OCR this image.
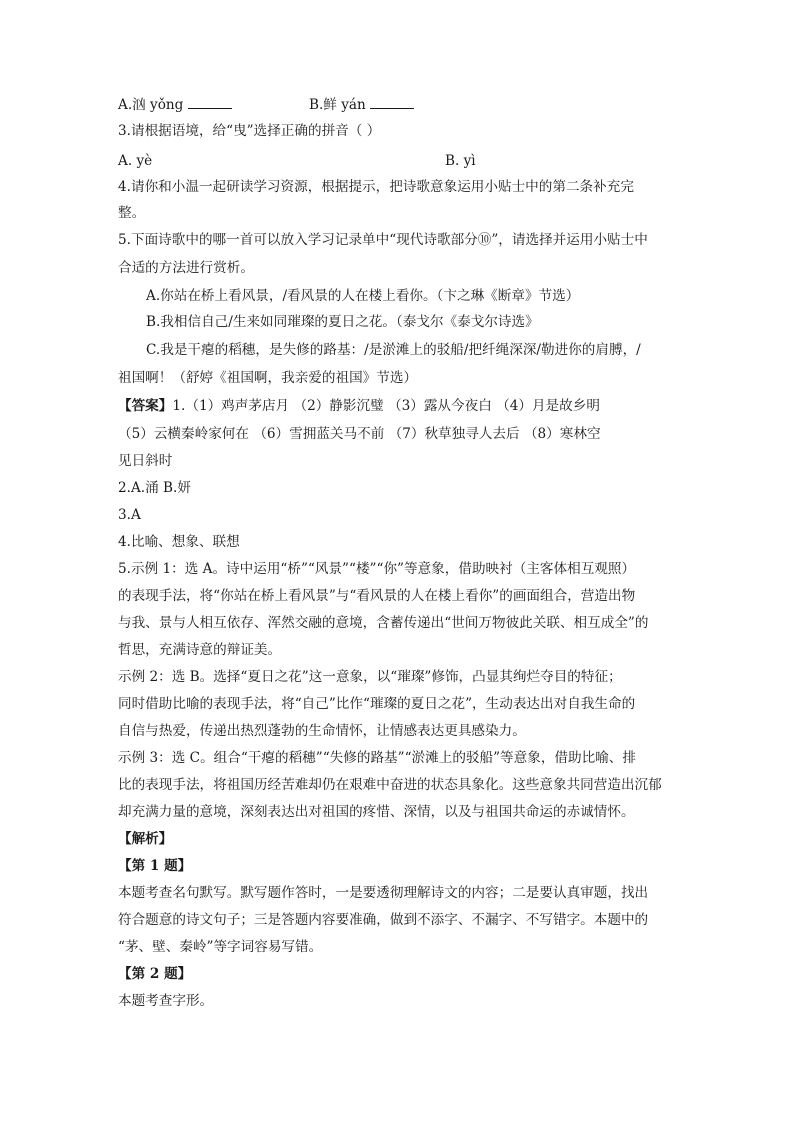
A.汹 yǒng	B.鲜 yán
3.请根据语境，给“曳”选择正确的拼音（ ）
A. yè	B. yì
4.请你和小温一起研读学习资源，根据提示，把诗歌意象运用小贴士中的第二条补充完
整。
5.下面诗歌中的哪一首可以放入学习记录单中“现代诗歌部分⑩”，请选择并运用小贴士中
合适的方法进行赏析。
A.你站在桥上看风景，/看风景的人在楼上看你。（卞之琳《断章》节选）
B.我相信自己/生来如同璀璨的夏日之花。（泰戈尔《泰戈尔诗选》
C.我是干瘪的稻穗，是失修的路基：/是淤滩上的驳船/把纤绳深深/勒进你的肩膊，/
祖国啊！（舒婷《祖国啊，我亲爱的祖国》节选）
【答案】1.（1）鸡声茅店月 （2）静影沉璧 （3）露从今夜白 （4）月是故乡明
（5）云横秦岭家何在 （6）雪拥蓝关马不前 （7）秋草独寻人去后 （8）寒林空
见日斜时
2.A.涌 B.妍
3.A
4.比喻、想象、联想
5.示例 1：选 A。诗中运用“桥”“风景”“楼”“你”等意象，借助映衬（主客体相互观照）
的表现手法，将“你站在桥上看风景”与“看风景的人在楼上看你”的画面组合，营造出物
与我、景与人相互依存、浑然交融的意境，含蓄传递出“世间万物彼此关联、相互成全”的
哲思，充满诗意的辩证美。
示例 2：选 B。选择“夏日之花”这一意象，以“璀璨”修饰，凸显其绚烂夺目的特征；
同时借助比喻的表现手法，将“自己”比作“璀璨的夏日之花”，生动表达出对自我生命的
自信与热爱，传递出热烈蓬勃的生命情怀，让情感表达更具感染力。
示例 3：选 C。组合“干瘪的稻穗”“失修的路基”“淤滩上的驳船”等意象，借助比喻、排
比的表现手法，将祖国历经苦难却仍在艰难中奋进的状态具象化。这些意象共同营造出沉郁
却充满力量的意境，深刻表达出对祖国的疼惜、深情，以及与祖国共命运的赤诚情怀。
【解析】
【第 1 题】
本题考查名句默写。默写题作答时，一是要透彻理解诗文的内容；二是要认真审题，找出
符合题意的诗文句子；三是答题内容要准确，做到不添字、不漏字、不写错字。本题中的
“茅、壁、秦岭”等字词容易写错。
【第 2 题】
本题考查字形。
